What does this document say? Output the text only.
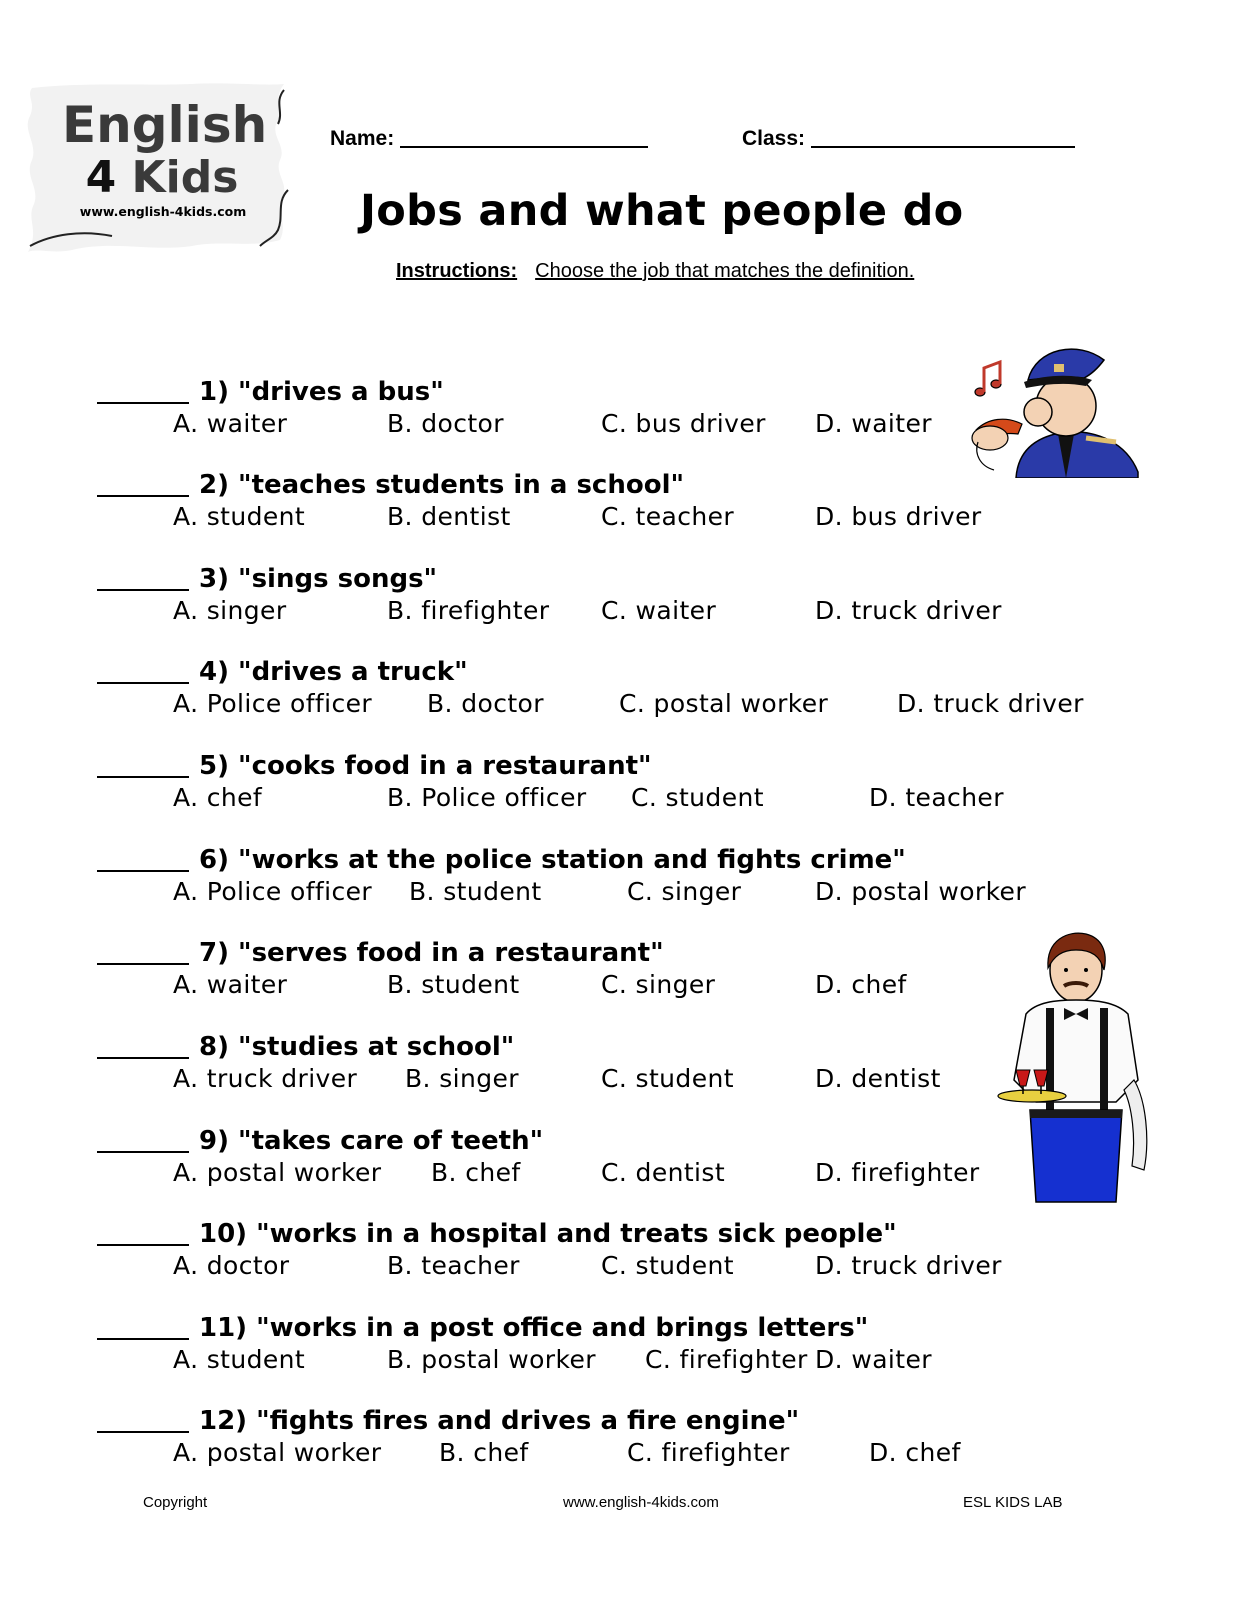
English
4 Kids
www.english-4kids.com
Name:	Class:
Jobs and what people do
Instructions: Choose the job that matches the definition.
1) "drives a bus"
A. waiter	B. doctor	C. bus driver D. waiter
2) "teaches students in a school"
A. student	B. dentist	C. teacher	D. bus driver
3) "sings songs"
A. singer	B. firefighter C. waiter	D. truck driver
4) "drives a truck"
A. Police officer B. doctor	C. postal worker	D. truck driver
5) "cooks food in a restaurant"
A. chef	B. Police officer C. student	D. teacher
6) "works at the police station and fights crime"
A. Police officer B. student	C. singer	D. postal worker
7) "serves food in a restaurant"
A. waiter	B. student	C. singer	D. chef
8) "studies at school"
A. truck driver B. singer	C. student	D. dentist
9) "takes care of teeth"
A. postal worker B. chef	C. dentist	D. firefighter
10) "works in a hospital and treats sick people"
A. doctor	B. teacher	C. student	D. truck driver
11) "works in a post office and brings letters"
A. student	B. postal worker C. firefighter D. waiter
12) "fights fires and drives a fire engine"
A. postal worker B. chef	C. firefighter	D. chef
Copyright	www.english-4kids.com	ESL KIDS LAB
